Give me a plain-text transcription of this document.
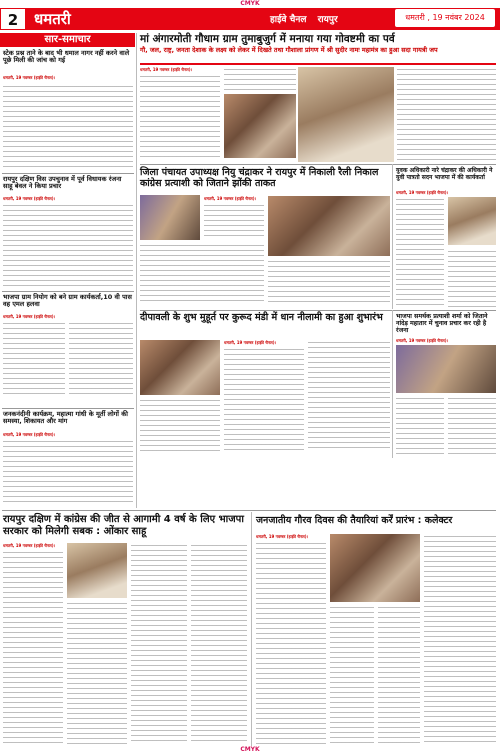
CMYK
2	धमतरी	हाईवे चैनल रायपुर	धमतरी , 19 नवंबर 2024
सार-समाचार
स्टेक प्रश्न ताने के बाद भी धमाल नागर नहीं करने वाले पूछे मिली की जांच को गई
धमतरी, 19 नवम्बर (हाईवे चैनल)।
रायपुर दक्षिण विस उपचुनाव में पूर्व विधायक रंजना साहू बेवल ने किया प्रचार
धमतरी, 19 नवम्बर (हाईवे चैनल)।
भाजपा ग्राम नियोग को बने ग्राम कार्यकर्ता,10 वी पास वह एमल हलवा
धमतरी, 19 नवम्बर (हाईवे चैनल)।
जनकनंदीनी कार्यक्रम, महात्मा गांधी के मूर्ती लोगों की समस्या, शिकायत और मांग
धमतरी, 19 नवम्बर (हाईवे चैनल)।
मां अंगारमोती गौधाम ग्राम तुमाबुजुर्ग में मनाया गया गोवष्टमी का पर्व
गौ, जल, राष्ट्र, जनता देशाक के लक्ष्य को लेकर में दिखते तथा गौशाला प्रांगण में श्री सुदीर नामः महामंत्र का हुआ सदा गायत्री जप
धमतरी, 19 नवम्बर (हाईवे चैनल)।
जिला पंचायत उपाध्यक्ष नियु चंद्राकर ने रायपुर में निकाली रैली निकाल कांग्रेस प्रत्याशी को जिताने झोंकी ताकत
धमतरी, 19 नवम्बर (हाईवे चैनल)।
युवक अधिकारी नारे चंद्राकर की अधिकारी ने युवी पात्रतो सदन भाजपा में की कार्यकर्ता
धमतरी, 19 नवम्बर (हाईवे चैनल)।
दीपावली के शुभ मुहूर्त पर कुरूद मंडी में धान नीलामी का हुआ शुभारंभ
धमतरी, 19 नवम्बर (हाईवे चैनल)।
भाजपा समर्थक प्रत्याशी शर्मा को जिताने नांदेड़ महातार में चुनाव प्रचार कर रही है रंजना
धमतरी, 19 नवम्बर (हाईवे चैनल)।
रायपुर दक्षिण में कांग्रेस की जीत से आगामी 4 वर्ष के लिए भाजपा सरकार को मिलेगी सबक : ओंकार साहू
धमतरी, 19 नवम्बर (हाईवे चैनल)।
जनजातीय गौरव दिवस की तैयारियां कर्रें प्रारंभ : कलेक्टर
धमतरी, 19 नवम्बर (हाईवे चैनल)।
CMYK
